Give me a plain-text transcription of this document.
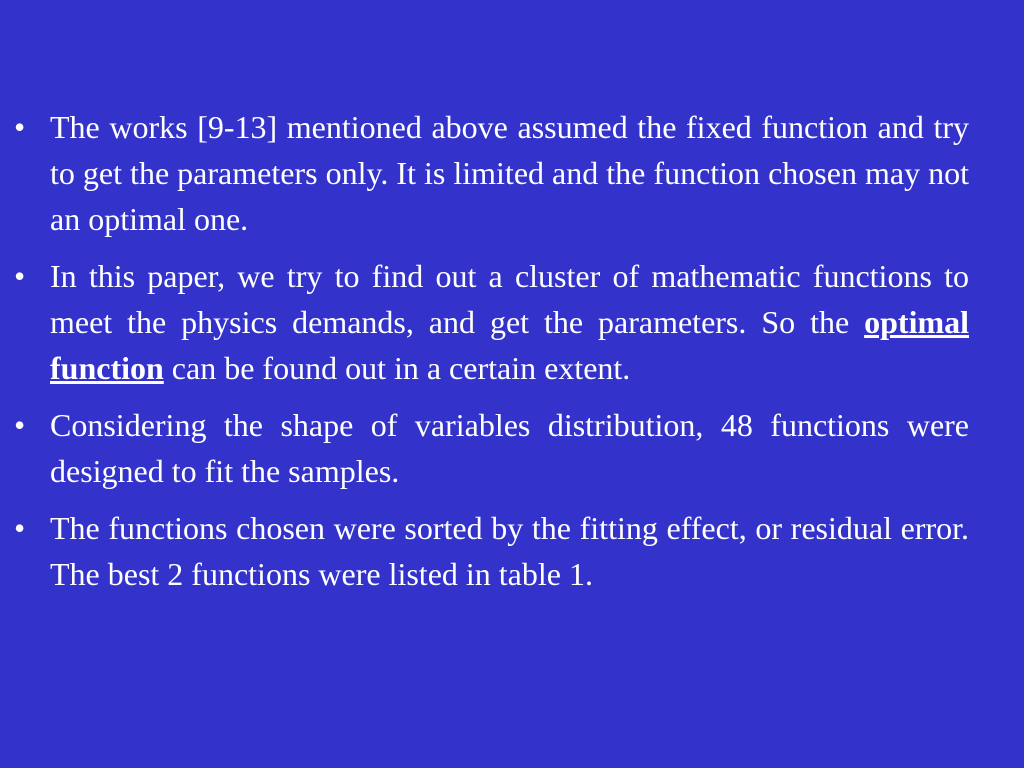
• The works [9-13] mentioned above assumed the fixed function and try to get the parameters only. It is limited and the function chosen may not an optimal one.
• In this paper, we try to find out a cluster of mathematic functions to meet the physics demands, and get the parameters. So the optimal function can be found out in a certain extent.
• Considering the shape of variables distribution, 48 functions were designed to fit the samples.
• The functions chosen were sorted by the fitting effect, or residual error. The best 2 functions were listed in table 1.
